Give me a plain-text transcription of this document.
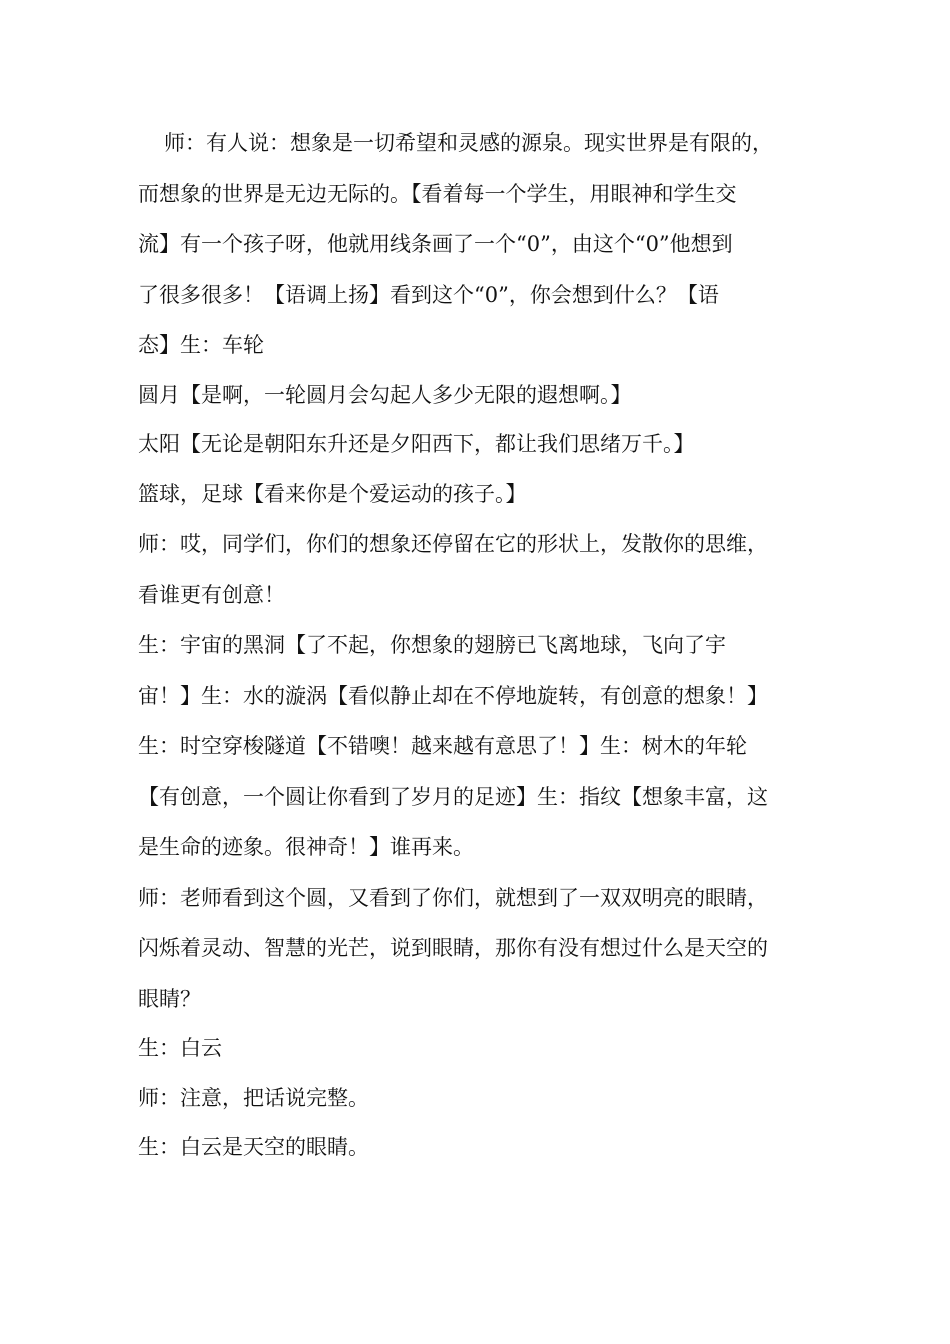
师：有人说：想象是一切希望和灵感的源泉。现实世界是有限的，
而想象的世界是无边无际的。【看着每一个学生，用眼神和学生交
流】有一个孩子呀，他就用线条画了一个“0”，由这个“0”他想到
了很多很多！【语调上扬】看到这个“0”，你会想到什么？【语
态】生：车轮
圆月【是啊，一轮圆月会勾起人多少无限的遐想啊。】
太阳【无论是朝阳东升还是夕阳西下，都让我们思绪万千。】
篮球，足球【看来你是个爱运动的孩子。】
师：哎，同学们，你们的想象还停留在它的形状上，发散你的思维，
看谁更有创意！
生：宇宙的黑洞【了不起，你想象的翅膀已飞离地球，飞向了宇
宙！】生：水的漩涡【看似静止却在不停地旋转，有创意的想象！】
生：时空穿梭隧道【不错噢！越来越有意思了！】生：树木的年轮
【有创意，一个圆让你看到了岁月的足迹】生：指纹【想象丰富，这
是生命的迹象。很神奇！】谁再来。
师：老师看到这个圆，又看到了你们，就想到了一双双明亮的眼睛，
闪烁着灵动、智慧的光芒，说到眼睛，那你有没有想过什么是天空的
眼睛？
生：白云
师：注意，把话说完整。
生：白云是天空的眼睛。
